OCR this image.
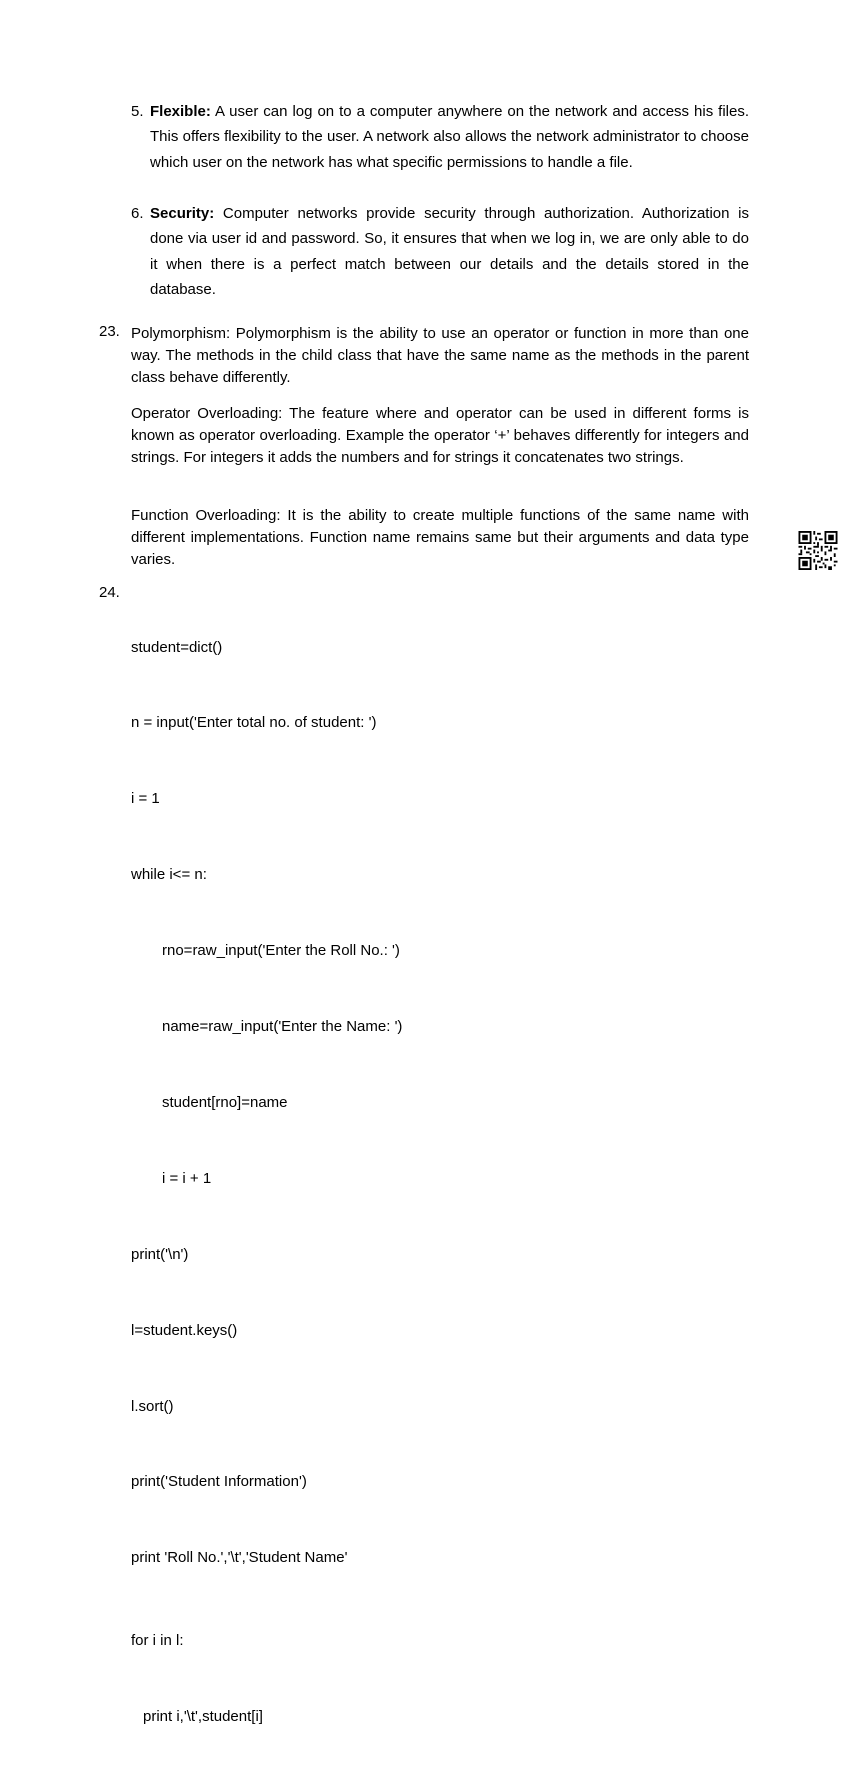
5. Flexible: A user can log on to a computer anywhere on the network and access his files. This offers flexibility to the user. A network also allows the network administrator to choose which user on the network has what specific permissions to handle a file.
6. Security: Computer networks provide security through authorization. Authorization is done via user id and password. So, it ensures that when we log in, we are only able to do it when there is a perfect match between our details and the details stored in the database.
23. Polymorphism: Polymorphism is the ability to use an operator or function in more than one way. The methods in the child class that have the same name as the methods in the parent class behave differently.
Operator Overloading: The feature where and operator can be used in different forms is known as operator overloading. Example the operator ‘+’ behaves differently for integers and strings. For integers it adds the numbers and for strings it concatenates two strings.
Function Overloading: It is the ability to create multiple functions of the same name with different implementations. Function name remains same but their arguments and data type varies.
24.

student=dict()

n = input('Enter total no. of student: ')

i = 1

while i<= n:

rno=raw_input('Enter the Roll No.: ')

name=raw_input('Enter the Name: ')

student[rno]=name

i = i + 1

print('\n')

l=student.keys()

l.sort()

print('Student Information')

print 'Roll No.','\t','Student Name'

for i in l:

print i,'\t',student[i]
